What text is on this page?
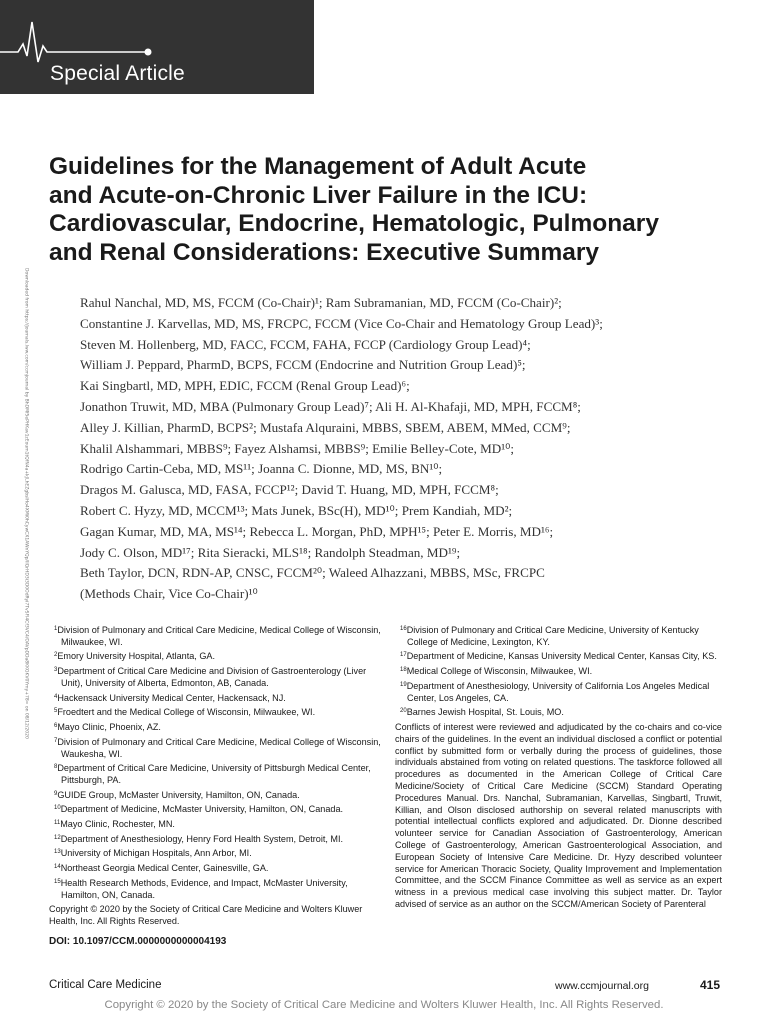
Special Article
Downloaded from https://journals.lww.com/ccmjournal by BhDMf5ePHKav1zEoum1tQfN4a+kJLhEZgbsIHo4XMi0hCywCX1AWnYQp/IlQrHD3i3D0OdRyi7TvSFl4Cf3VC4/OAVpDDa8KKGKV0Ymy+78= on 08/12/2020
Guidelines for the Management of Adult Acute
and Acute-on-Chronic Liver Failure in the ICU:
Cardiovascular, Endocrine, Hematologic, Pulmonary
and Renal Considerations: Executive Summary
Rahul Nanchal, MD, MS, FCCM (Co-Chair)¹; Ram Subramanian, MD, FCCM (Co-Chair)²;
Constantine J. Karvellas, MD, MS, FRCPC, FCCM (Vice Co-Chair and Hematology Group Lead)³;
Steven M. Hollenberg, MD, FACC, FCCM, FAHA, FCCP (Cardiology Group Lead)⁴;
William J. Peppard, PharmD, BCPS, FCCM (Endocrine and Nutrition Group Lead)⁵;
Kai Singbartl, MD, MPH, EDIC, FCCM (Renal Group Lead)⁶;
Jonathon Truwit, MD, MBA (Pulmonary Group Lead)⁷; Ali H. Al-Khafaji, MD, MPH, FCCM⁸;
Alley J. Killian, PharmD, BCPS²; Mustafa Alquraini, MBBS, SBEM, ABEM, MMed, CCM⁹;
Khalil Alshammari, MBBS⁹; Fayez Alshamsi, MBBS⁹; Emilie Belley-Cote, MD¹⁰;
Rodrigo Cartin-Ceba, MD, MS¹¹; Joanna C. Dionne, MD, MS, BN¹⁰;
Dragos M. Galusca, MD, FASA, FCCP¹²; David T. Huang, MD, MPH, FCCM⁸;
Robert C. Hyzy, MD, MCCM¹³; Mats Junek, BSc(H), MD¹⁰; Prem Kandiah, MD²;
Gagan Kumar, MD, MA, MS¹⁴; Rebecca L. Morgan, PhD, MPH¹⁵; Peter E. Morris, MD¹⁶;
Jody C. Olson, MD¹⁷; Rita Sieracki, MLS¹⁸; Randolph Steadman, MD¹⁹;
Beth Taylor, DCN, RDN-AP, CNSC, FCCM²⁰; Waleed Alhazzani, MBBS, MSc, FRCPC
(Methods Chair, Vice Co-Chair)¹⁰
$^1$Division of Pulmonary and Critical Care Medicine, Medical College of Wisconsin, Milwaukee, WI.
$^2$Emory University Hospital, Atlanta, GA.
$^3$Department of Critical Care Medicine and Division of Gastroenterology (Liver Unit), University of Alberta, Edmonton, AB, Canada.
$^4$Hackensack University Medical Center, Hackensack, NJ.
$^5$Froedtert and the Medical College of Wisconsin, Milwaukee, WI.
$^6$Mayo Clinic, Phoenix, AZ.
$^7$Division of Pulmonary and Critical Care Medicine, Medical College of Wisconsin, Waukesha, WI.
$^8$Department of Critical Care Medicine, University of Pittsburgh Medical Center, Pittsburgh, PA.
$^9$GUIDE Group, McMaster University, Hamilton, ON, Canada.
$^{10}$Department of Medicine, McMaster University, Hamilton, ON, Canada.
$^{11}$Mayo Clinic, Rochester, MN.
$^{12}$Department of Anesthesiology, Henry Ford Health System, Detroit, MI.
$^{13}$University of Michigan Hospitals, Ann Arbor, MI.
$^{14}$Northeast Georgia Medical Center, Gainesville, GA.
$^{15}$Health Research Methods, Evidence, and Impact, McMaster University, Hamilton, ON, Canada.
Copyright © 2020 by the Society of Critical Care Medicine and Wolters Kluwer Health, Inc. All Rights Reserved.
DOI: 10.1097/CCM.0000000000004193
$^{16}$Division of Pulmonary and Critical Care Medicine, University of Kentucky College of Medicine, Lexington, KY.
$^{17}$Department of Medicine, Kansas University Medical Center, Kansas City, KS.
$^{18}$Medical College of Wisconsin, Milwaukee, WI.
$^{19}$Department of Anesthesiology, University of California Los Angeles Medical Center, Los Angeles, CA.
$^{20}$Barnes Jewish Hospital, St. Louis, MO.
Conflicts of interest were reviewed and adjudicated by the co-chairs and co-vice chairs of the guidelines. In the event an individual disclosed a conflict or potential conflict by submitted form or verbally during the process of guidelines, those individuals abstained from voting on related questions. The taskforce followed all procedures as documented in the American College of Critical Care Medicine/Society of Critical Care Medicine (SCCM) Standard Operating Procedures Manual. Drs. Nanchal, Subramanian, Karvellas, Singbartl, Truwit, Killian, and Olson disclosed authorship on several related manuscripts with potential intellectual conflicts explored and adjudicated. Dr. Dionne described volunteer service for Canadian Association of Gastroenterology, American College of Gastroenterology, American Gastroenterological Association, and European Society of Intensive Care Medicine. Dr. Hyzy described volunteer service for American Thoracic Society, Quality Improvement and Implementation Committee, and the SCCM Finance Committee as well as service as an expert witness in a previous medical case involving this subject matter. Dr. Taylor advised of service as an author on the SCCM/American Society of Parenteral
Critical Care Medicine	www.ccmjournal.org	415
Copyright © 2020 by the Society of Critical Care Medicine and Wolters Kluwer Health, Inc. All Rights Reserved.
